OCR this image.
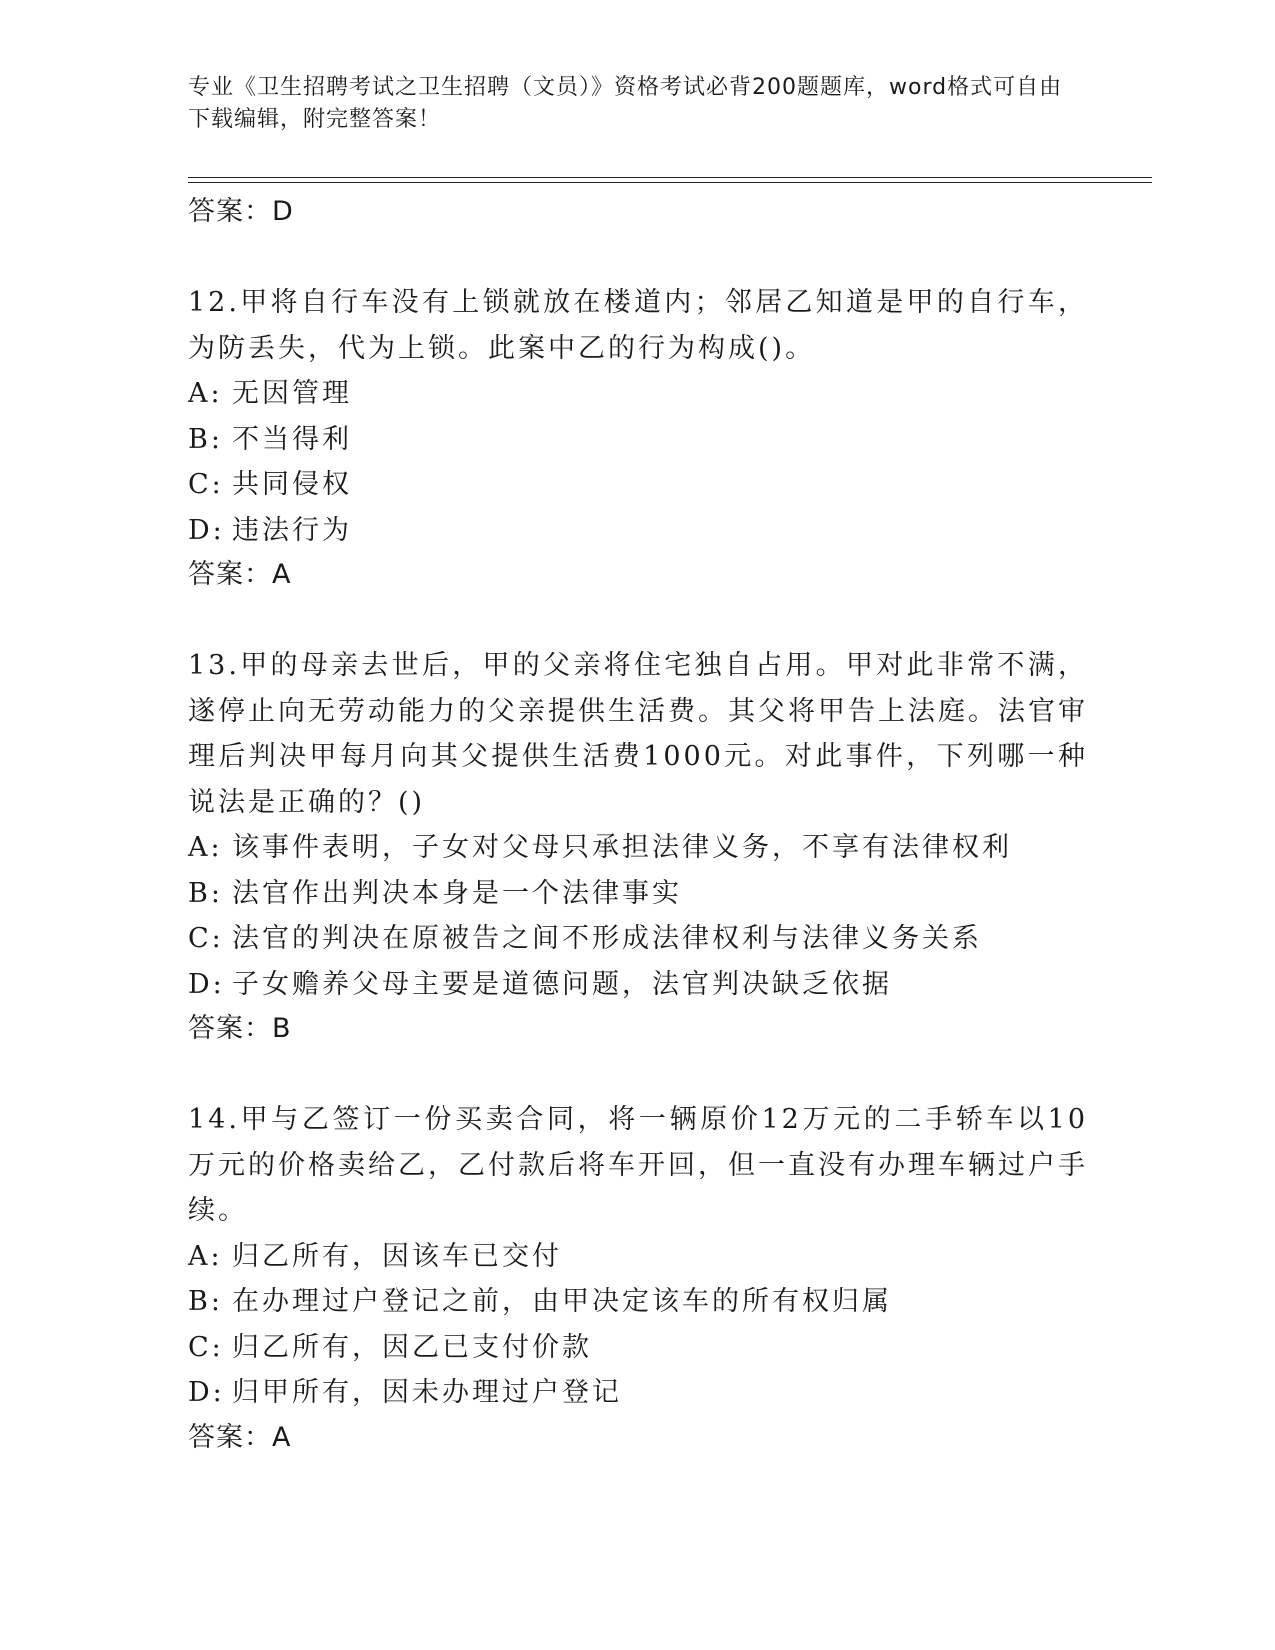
专业《卫生招聘考试之卫生招聘（文员）》资格考试必背200题题库，word格式可自由下载编辑，附完整答案！
答案：D
12.甲将自行车没有上锁就放在楼道内；邻居乙知道是甲的自行车，为防丢失，代为上锁。此案中乙的行为构成()。
A: 无因管理
B: 不当得利
C: 共同侵权
D: 违法行为
答案：A
13.甲的母亲去世后，甲的父亲将住宅独自占用。甲对此非常不满，遂停止向无劳动能力的父亲提供生活费。其父将甲告上法庭。法官审理后判决甲每月向其父提供生活费1000元。对此事件，下列哪一种说法是正确的？()
A: 该事件表明，子女对父母只承担法律义务，不享有法律权利
B: 法官作出判决本身是一个法律事实
C: 法官的判决在原被告之间不形成法律权利与法律义务关系
D: 子女赡养父母主要是道德问题，法官判决缺乏依据
答案：B
14.甲与乙签订一份买卖合同，将一辆原价12万元的二手轿车以10万元的价格卖给乙，乙付款后将车开回，但一直没有办理车辆过户手续。
A: 归乙所有，因该车已交付
B: 在办理过户登记之前，由甲决定该车的所有权归属
C: 归乙所有，因乙已支付价款
D: 归甲所有，因未办理过户登记
答案：A
